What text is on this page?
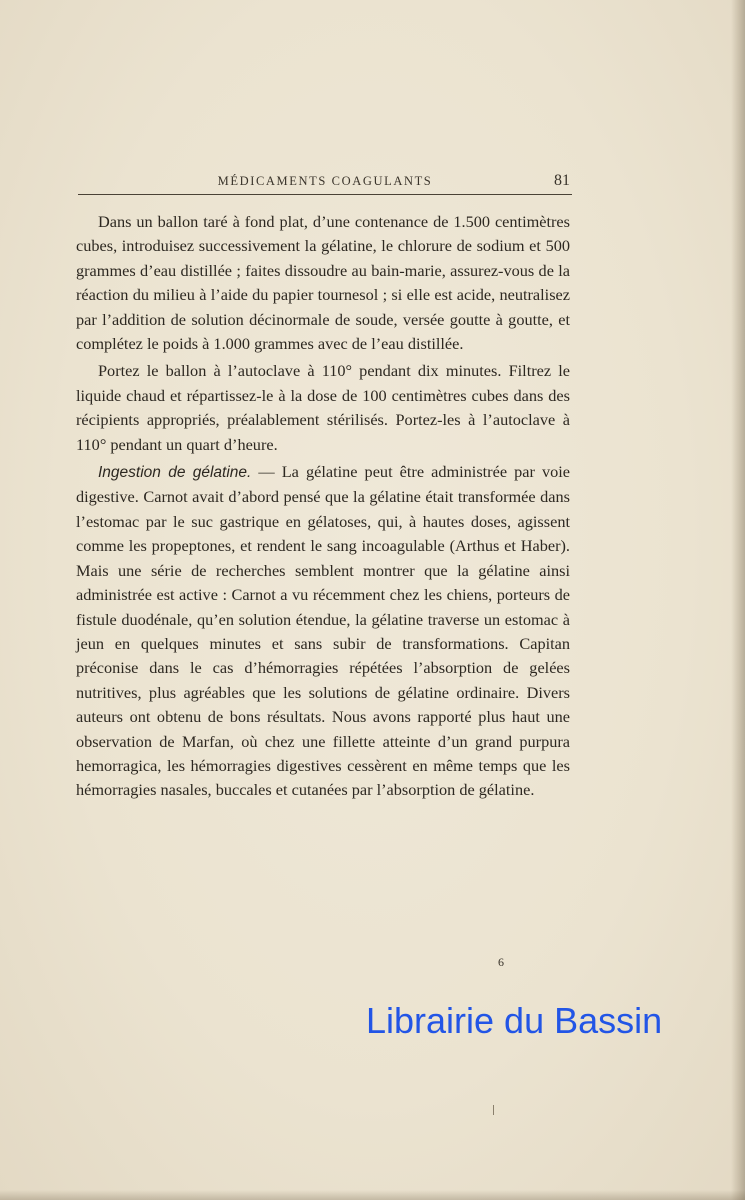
MÉDICAMENTS COAGULANTS	81

Dans un ballon taré à fond plat, d’une contenance de 1.500 centimètres cubes, introduisez successivement la gélatine, le chlorure de sodium et 500 grammes d’eau distillée ; faites dissoudre au bain-marie, assurez-vous de la réaction du milieu à l’aide du papier tournesol ; si elle est acide, neutralisez par l’addition de solution décinormale de soude, versée goutte à goutte, et complétez le poids à 1.000 grammes avec de l’eau distillée.

Portez le ballon à l’autoclave à 110° pendant dix minutes. Filtrez le liquide chaud et répartissez-le à la dose de 100 centimètres cubes dans des récipients appropriés, préalablement stérilisés. Portez-les à l’autoclave à 110° pendant un quart d’heure.

Ingestion de gélatine. — La gélatine peut être administrée par voie digestive. Carnot avait d’abord pensé que la gélatine était transformée dans l’estomac par le suc gastrique en gélatoses, qui, à hautes doses, agissent comme les propeptones, et rendent le sang incoagulable (Arthus et Haber). Mais une série de recherches semblent montrer que la gélatine ainsi administrée est active : Carnot a vu récemment chez les chiens, porteurs de fistule duodénale, qu’en solution étendue, la gélatine traverse un estomac à jeun en quelques minutes et sans subir de transformations. Capitan préconise dans le cas d’hémorragies répétées l’absorption de gelées nutritives, plus agréables que les solutions de gélatine ordinaire. Divers auteurs ont obtenu de bons résultats. Nous avons rapporté plus haut une observation de Marfan, où chez une fillette atteinte d’un grand purpura hemorragica, les hémorragies digestives cessèrent en même temps que les hémorragies nasales, buccales et cutanées par l’absorption de gélatine.

6
Librairie du Bassin
